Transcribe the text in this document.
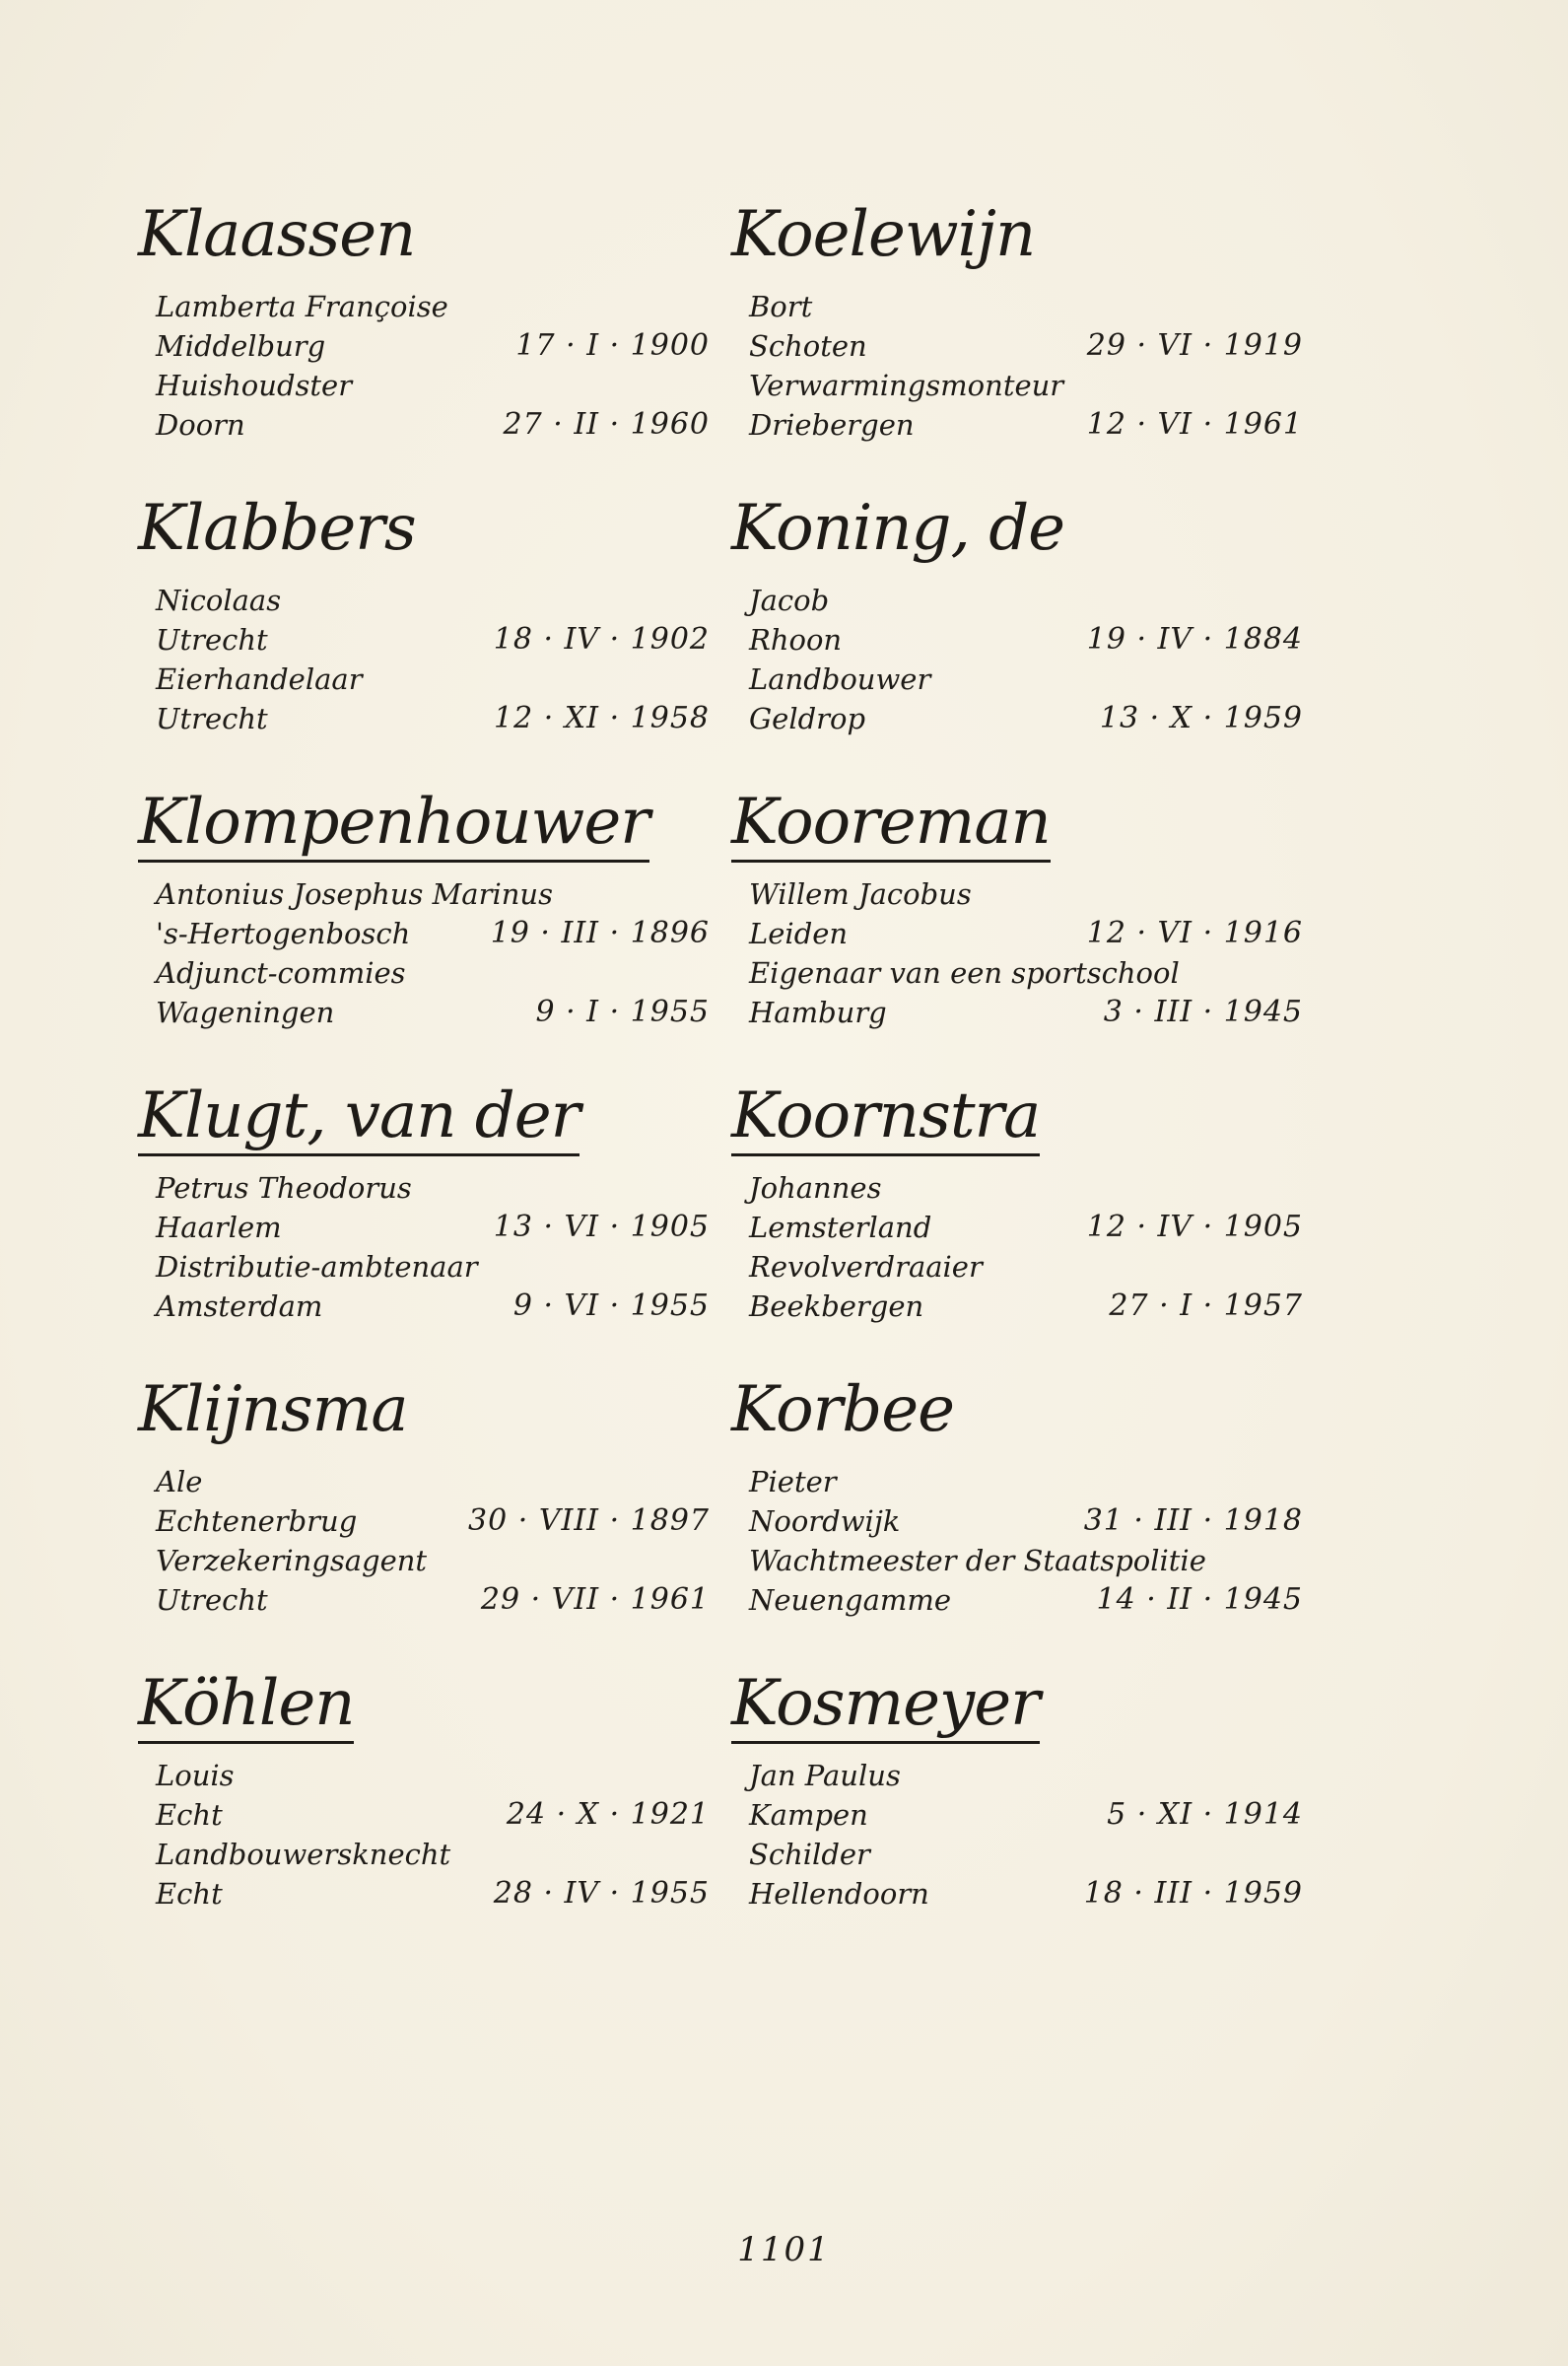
Klaassen
Lamberta Françoise
Middelburg	17 · I · 1900
Huishoudster
Doorn	27 · II · 1960
Klabbers
Nicolaas
Utrecht	18 · IV · 1902
Eierhandelaar
Utrecht	12 · XI · 1958
Klompenhouwer
Antonius Josephus Marinus
's-Hertogenbosch	19 · III · 1896
Adjunct-commies
Wageningen	9 · I · 1955
Klugt, van der
Petrus Theodorus
Haarlem	13 · VI · 1905
Distributie-ambtenaar
Amsterdam	9 · VI · 1955
Klijnsma
Ale
Echtenerbrug	30 · VIII · 1897
Verzekeringsagent
Utrecht	29 · VII · 1961
Köhlen
Louis
Echt	24 · X · 1921
Landbouwersknecht
Echt	28 · IV · 1955
Koelewijn
Bort
Schoten	29 · VI · 1919
Verwarmingsmonteur
Driebergen	12 · VI · 1961
Koning, de
Jacob
Rhoon	19 · IV · 1884
Landbouwer
Geldrop	13 · X · 1959
Kooreman
Willem Jacobus
Leiden	12 · VI · 1916
Eigenaar van een sportschool
Hamburg	3 · III · 1945
Koornstra
Johannes
Lemsterland	12 · IV · 1905
Revolverdraaier
Beekbergen	27 · I · 1957
Korbee
Pieter
Noordwijk	31 · III · 1918
Wachtmeester der Staatspolitie
Neuengamme	14 · II · 1945
Kosmeyer
Jan Paulus
Kampen	5 · XI · 1914
Schilder
Hellendoorn	18 · III · 1959
1101
